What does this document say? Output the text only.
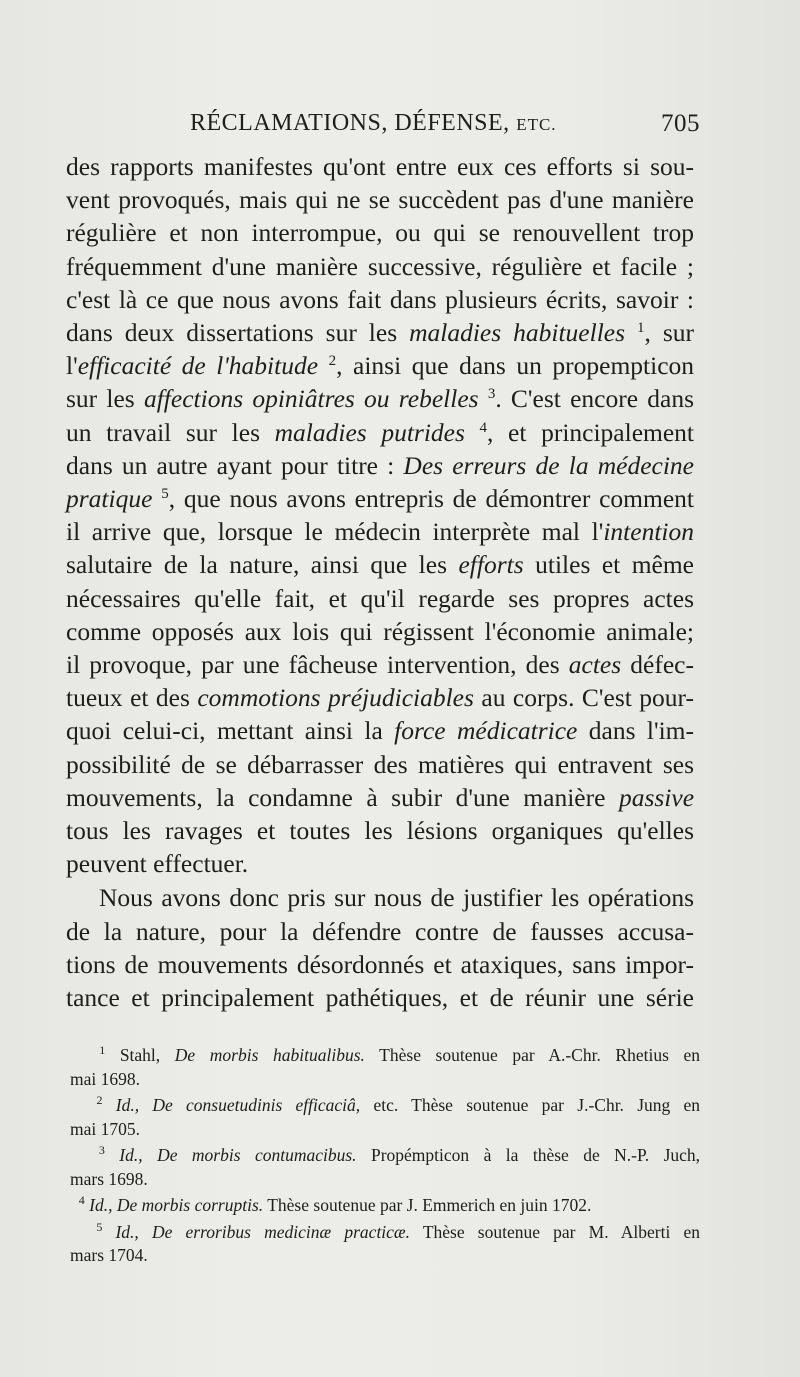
RÉCLAMATIONS, DÉFENSE, ETC.	705
des rapports manifestes qu'ont entre eux ces efforts si sou-
vent provoqués, mais qui ne se succèdent pas d'une manière
régulière et non interrompue, ou qui se renouvellent trop
fréquemment d'une manière successive, régulière et facile ;
c'est là ce que nous avons fait dans plusieurs écrits, savoir :
dans deux dissertations sur les maladies habituelles $^1$, sur
l'efficacité de l'habitude $^2$, ainsi que dans un propempticon
sur les affections opiniâtres ou rebelles $^3$. C'est encore dans
un travail sur les maladies putrides $^4$, et principalement
dans un autre ayant pour titre : Des erreurs de la médecine
pratique $^5$, que nous avons entrepris de démontrer comment
il arrive que, lorsque le médecin interprète mal l'intention
salutaire de la nature, ainsi que les efforts utiles et même
nécessaires qu'elle fait, et qu'il regarde ses propres actes
comme opposés aux lois qui régissent l'économie animale;
il provoque, par une fâcheuse intervention, des actes défec-
tueux et des commotions préjudiciables au corps. C'est pour-
quoi celui-ci, mettant ainsi la force médicatrice dans l'im-
possibilité de se débarrasser des matières qui entravent ses
mouvements, la condamne à subir d'une manière passive
tous les ravages et toutes les lésions organiques qu'elles
peuvent effectuer.
Nous avons donc pris sur nous de justifier les opérations
de la nature, pour la défendre contre de fausses accusa-
tions de mouvements désordonnés et ataxiques, sans impor-
tance et principalement pathétiques, et de réunir une série
$^1$ Stahl, De morbis habitualibus. Thèse soutenue par A.-Chr. Rhetius en
mai 1698.
$^2$ Id., De consuetudinis efficaciâ, etc. Thèse soutenue par J.-Chr. Jung en
mai 1705.
$^3$ Id., De morbis contumacibus. Propémpticon à la thèse de N.-P. Juch,
mars 1698.
$^4$ Id., De morbis corruptis. Thèse soutenue par J. Emmerich en juin 1702.
$^5$ Id., De erroribus medicinæ practicæ. Thèse soutenue par M. Alberti en
mars 1704.
